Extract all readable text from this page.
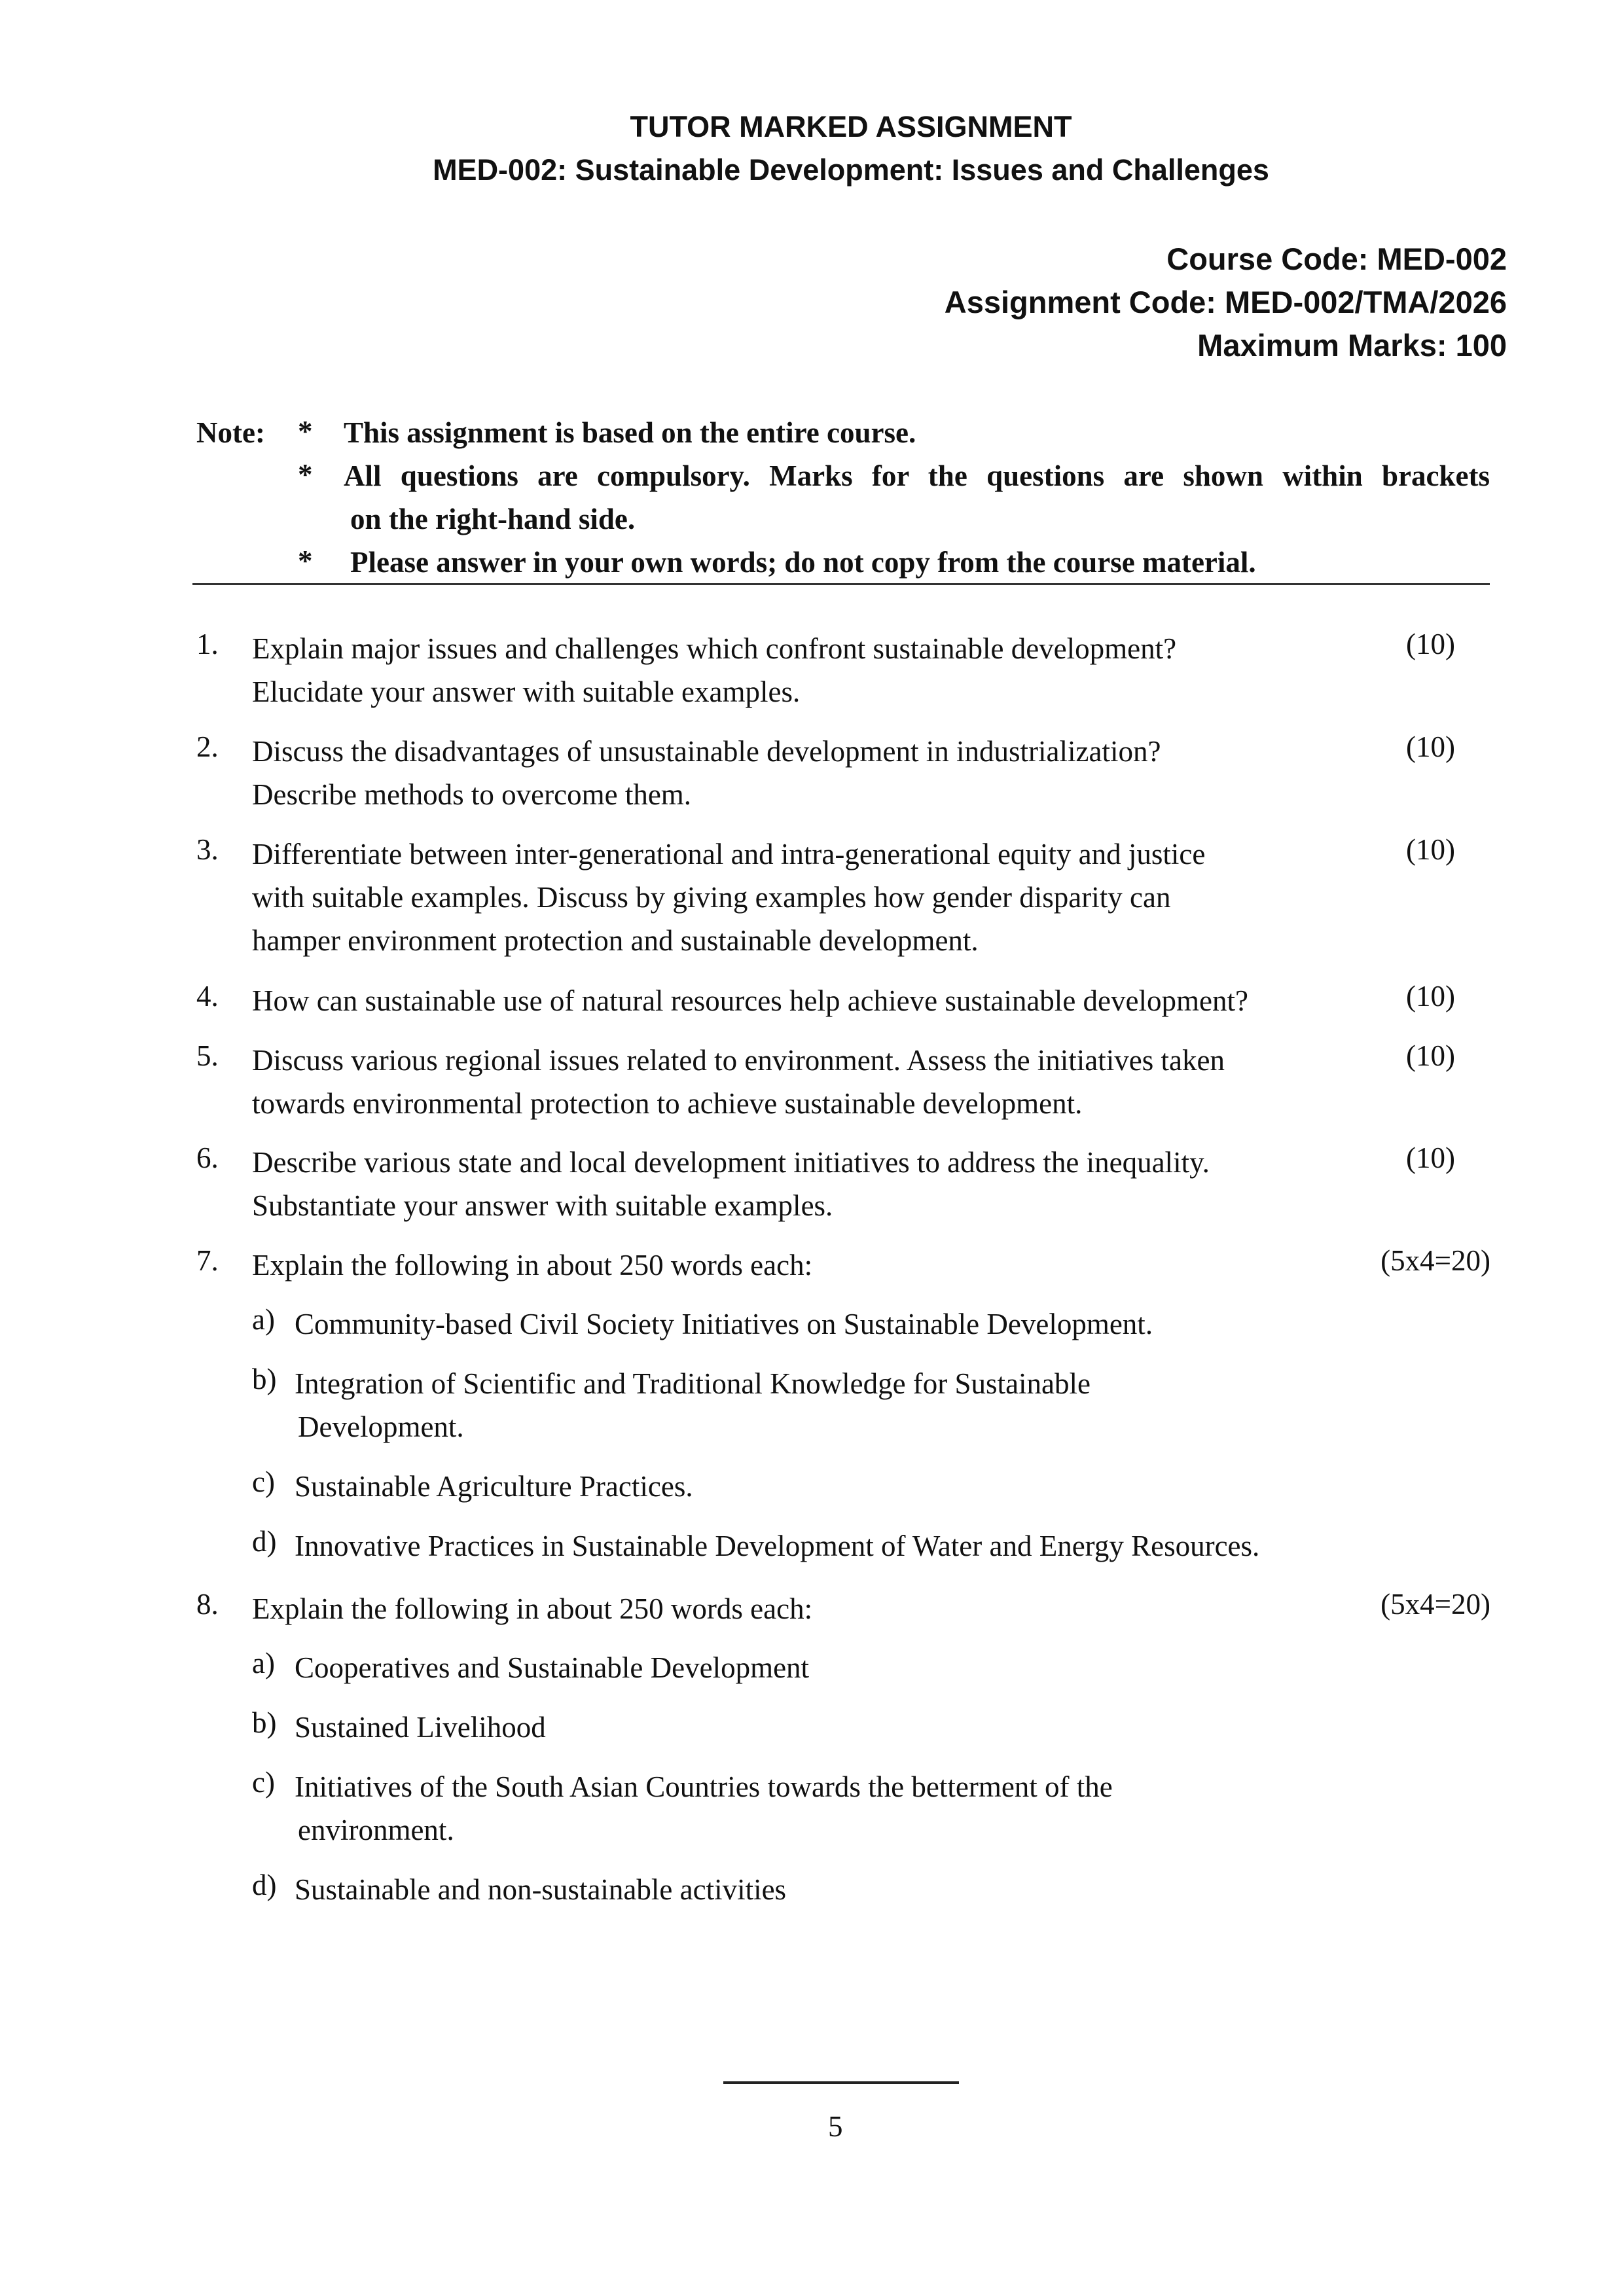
TUTOR MARKED ASSIGNMENT
MED-002: Sustainable Development: Issues and Challenges
Course Code: MED-002
Assignment Code: MED-002/TMA/2026
Maximum Marks: 100
Note: * This assignment is based on the entire course.
* All questions are compulsory. Marks for the questions are shown within brackets
on the right-hand side.
* Please answer in your own words; do not copy from the course material.
1. Explain major issues and challenges which confront sustainable development?
Elucidate your answer with suitable examples.
(10)
2. Discuss the disadvantages of unsustainable development in industrialization?
Describe methods to overcome them.
(10)
3. Differentiate between inter-generational and intra-generational equity and justice
with suitable examples. Discuss by giving examples how gender disparity can
hamper environment protection and sustainable development.
(10)
4. How can sustainable use of natural resources help achieve sustainable development?	(10)
5. Discuss various regional issues related to environment. Assess the initiatives taken
towards environmental protection to achieve sustainable development.
(10)
6. Describe various state and local development initiatives to address the inequality.
Substantiate your answer with suitable examples.
(10)
7. Explain the following in about 250 words each:	(5x4=20)
a) Community-based Civil Society Initiatives on Sustainable Development.
b) Integration of Scientific and Traditional Knowledge for Sustainable
Development.
c) Sustainable Agriculture Practices.
d) Innovative Practices in Sustainable Development of Water and Energy Resources.
8. Explain the following in about 250 words each:	(5x4=20)
a) Cooperatives and Sustainable Development
b) Sustained Livelihood
c) Initiatives of the South Asian Countries towards the betterment of the
environment.
d) Sustainable and non-sustainable activities
5
